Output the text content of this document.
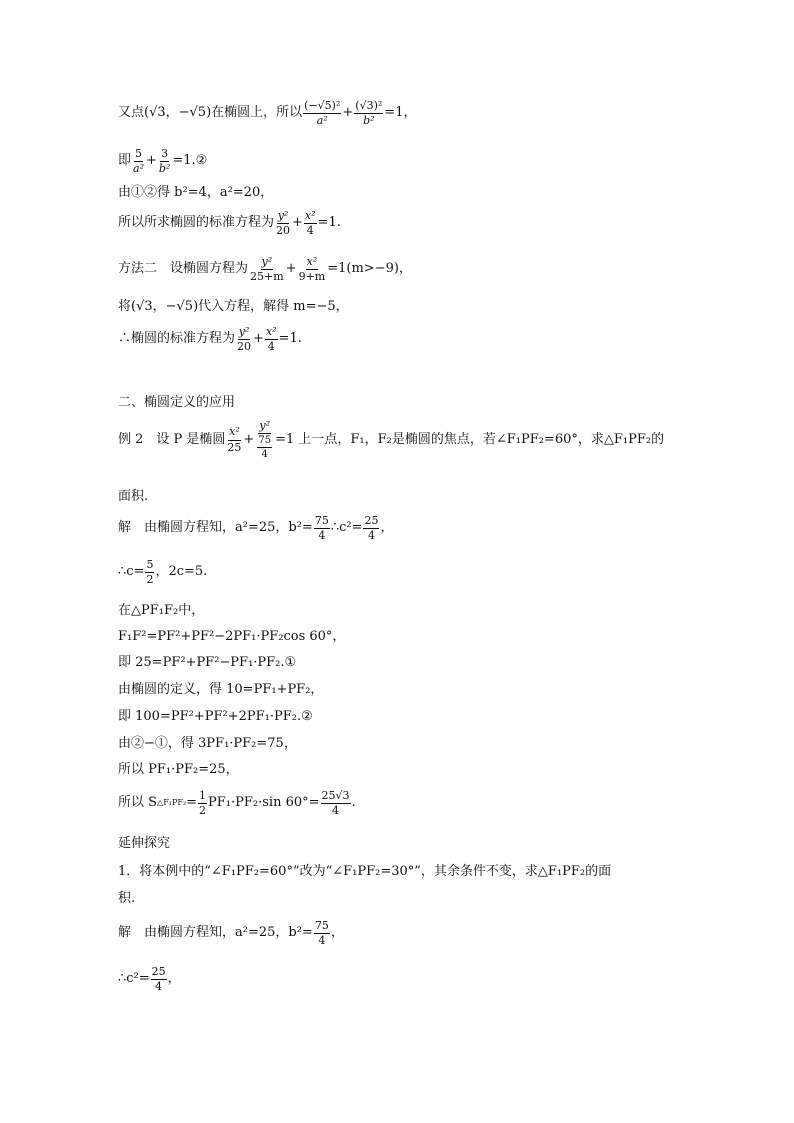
又点(√3，−√5)在椭圆上，所以 $\frac{\text{(−√5)²}}{\text{a²}} + \frac{\text{(√3)²}}{\text{b²}} =1$，
即 $\frac{5}{\text{a²}} + \frac{3}{\text{b²}}$ =1.②
由①②得 b²=4，a²=20，
所以所求椭圆的标准方程为 $\frac{\text{y²}}{20} + \frac{\text{x²}}{4} =1$.
方法二　设椭圆方程为 $\frac{\text{y²}}{25+m} + \frac{\text{x²}}{9+m} =1(m>-9)$，
将(√3，−√5)代入方程，解得 m=−5，
∴椭圆的标准方程为 $\frac{\text{y²}}{20} + \frac{\text{x²}}{4} =1$.
二、椭圆定义的应用
例 2　设 P 是椭圆 $\frac{\text{x²}}{25} + \frac{\text{y²}}{\frac{75}{4}} =1$ 上一点，F₁，F₂是椭圆的焦点，若∠F₁PF₂=60°，求△F₁PF₂的
面积.
解　由椭圆方程知，a²=25，$b^2= \frac{75}{4}$ ∴c²= $\frac{25}{4}$ ，
∴c= $\frac{5}{2}$ ，2c=5.
在△PF₁F₂中，
F₁F²=PF²+PF²−2PF₁·PF₂cos 60°，
即 25=PF²+PF²−PF₁·PF₂.①
由椭圆的定义，得 10=PF₁+PF₂，
即 100=PF²+PF²+2PF₁·PF₂.②
由②−①，得 3PF₁·PF₂=75，
所以 PF₁·PF₂=25，
所以 S △F₁PF₂ = $\frac{1}{2} PF_1\cdot PF_2\cdot\sin$ $60^\circ= \frac{25√3}{4}$ .
延伸探究
1．将本例中的“∠F₁PF₂=60°”改为“∠F₁PF₂=30°”，其余条件不变，求△F₁PF₂的面
积.
解　由椭圆方程知，a²=25，$b^2= \frac{75}{4}$ ，
∴c²= $\frac{25}{4}$ ，
